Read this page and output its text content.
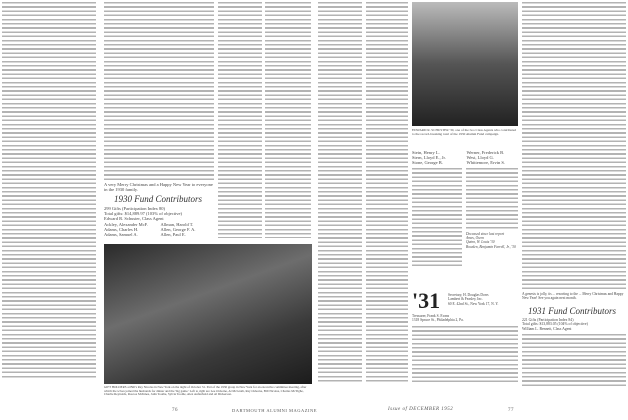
A very Merry Christmas and a Happy New Year to everyone in the 1930 family.
1930 Fund Contributors
299 Gifts (Participation Index 80)
Total gifts: $14,889.97 (103% of objective)
Edward R. Schuster, Class Agent
Ackley, Alexander McF.
Adams, Charles H.
Adams, Samuel A.
Allman, Harold T.
Allen, George F. A.
Allen, Paul E.
GIFT HOLDERS at Bill's Ray Nicolas in New York on the night of October 31. Part of the 1930 group in New York for an executive committee meeting, after which the wives joined the husbands for dinner and the 'big game.' Left to right are Lee Osborne, Al McGrath, Ray Osborne, Bill Nicolas, Charles McTighe, Charlie Reynolds, Roscoe McInnes, John Toothe, Sylvia Toothe, Alex Aufterhold and Al Dickerson.
76	DARTMOUTH ALUMNI MAGAZINE
EDWARD R. SCHUSTER '30, one of the two Class Agents who contributed to the record-breaking total of the 1930 Alumni Fund campaign.
Stein, Henry L.
Stern, Lloyd E., Jr.
Stone, George B.
Werner, Frederick B.
West, Lloyd G.
Whittemore, Ervin S.
Deceased since last report
Ames, Owen
Quinn, W. Louis '30
Bowden, Benjamin Farrell, Jr., '30
'31 Secretary, H. Douglas Dorrs
Lambert & Feasley, Inc.
60 E. 42nd St., New York 17, N. Y.
Treasurer, Frank S. Evans
1318 Spruce St., Philadelphia 2, Pa.
A genesis is jolly, tis ... resorting to the ... Merry Christmas and Happy New Year! See you again next month.
1931 Fund Contributors
221 Gifts (Participation Index 84)
Total gifts: $13,883.05 (104% of objective)
William L. Bennett, Class Agent
Issue of DECEMBER 1952	77
